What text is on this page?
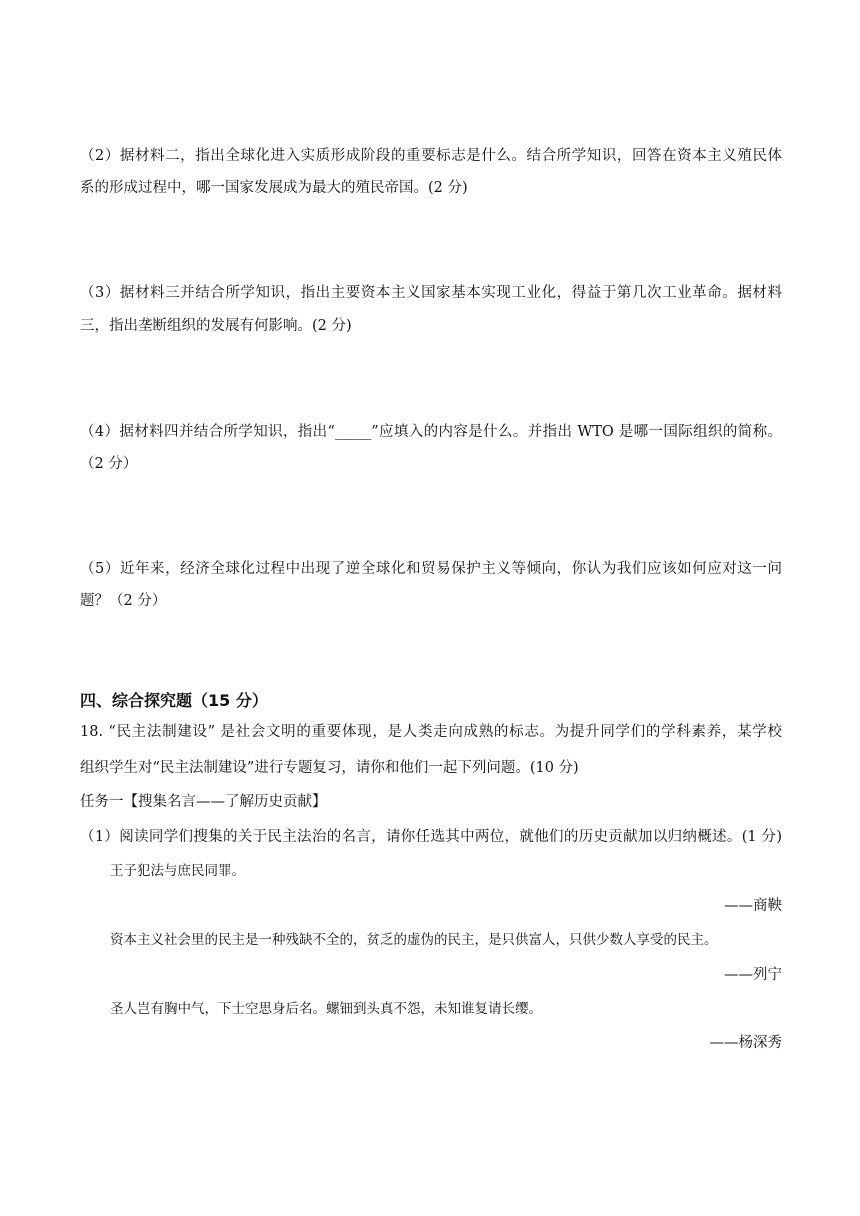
（2）据材料二，指出全球化进入实质形成阶段的重要标志是什么。结合所学知识，回答在资本主义殖民体
系的形成过程中，哪一国家发展成为最大的殖民帝国。(2 分)
（3）据材料三并结合所学知识，指出主要资本主义国家基本实现工业化，得益于第几次工业革命。据材料
三，指出垄断组织的发展有何影响。(2 分)
（4）据材料四并结合所学知识，指出“_____”应填入的内容是什么。并指出 WTO 是哪一国际组织的简称。
（2 分）
（5）近年来，经济全球化过程中出现了逆全球化和贸易保护主义等倾向，你认为我们应该如何应对这一问
题？（2 分）
四、综合探究题（15 分）
18. “民主法制建设” 是社会文明的重要体现，是人类走向成熟的标志。为提升同学们的学科素养，某学校
组织学生对“民主法制建设”进行专题复习，请你和他们一起下列问题。(10 分)
任务一【搜集名言——了解历史贡献】
（1）阅读同学们搜集的关于民主法治的名言，请你任选其中两位，就他们的历史贡献加以归纳概述。(1 分)
王子犯法与庶民同罪。
——商鞅
资本主义社会里的民主是一种残缺不全的，贫乏的虚伪的民主，是只供富人，只供少数人享受的民主。
——列宁
圣人岂有胸中气，下士空思身后名。螺钿到头真不怨，未知谁复请长缨。
——杨深秀
